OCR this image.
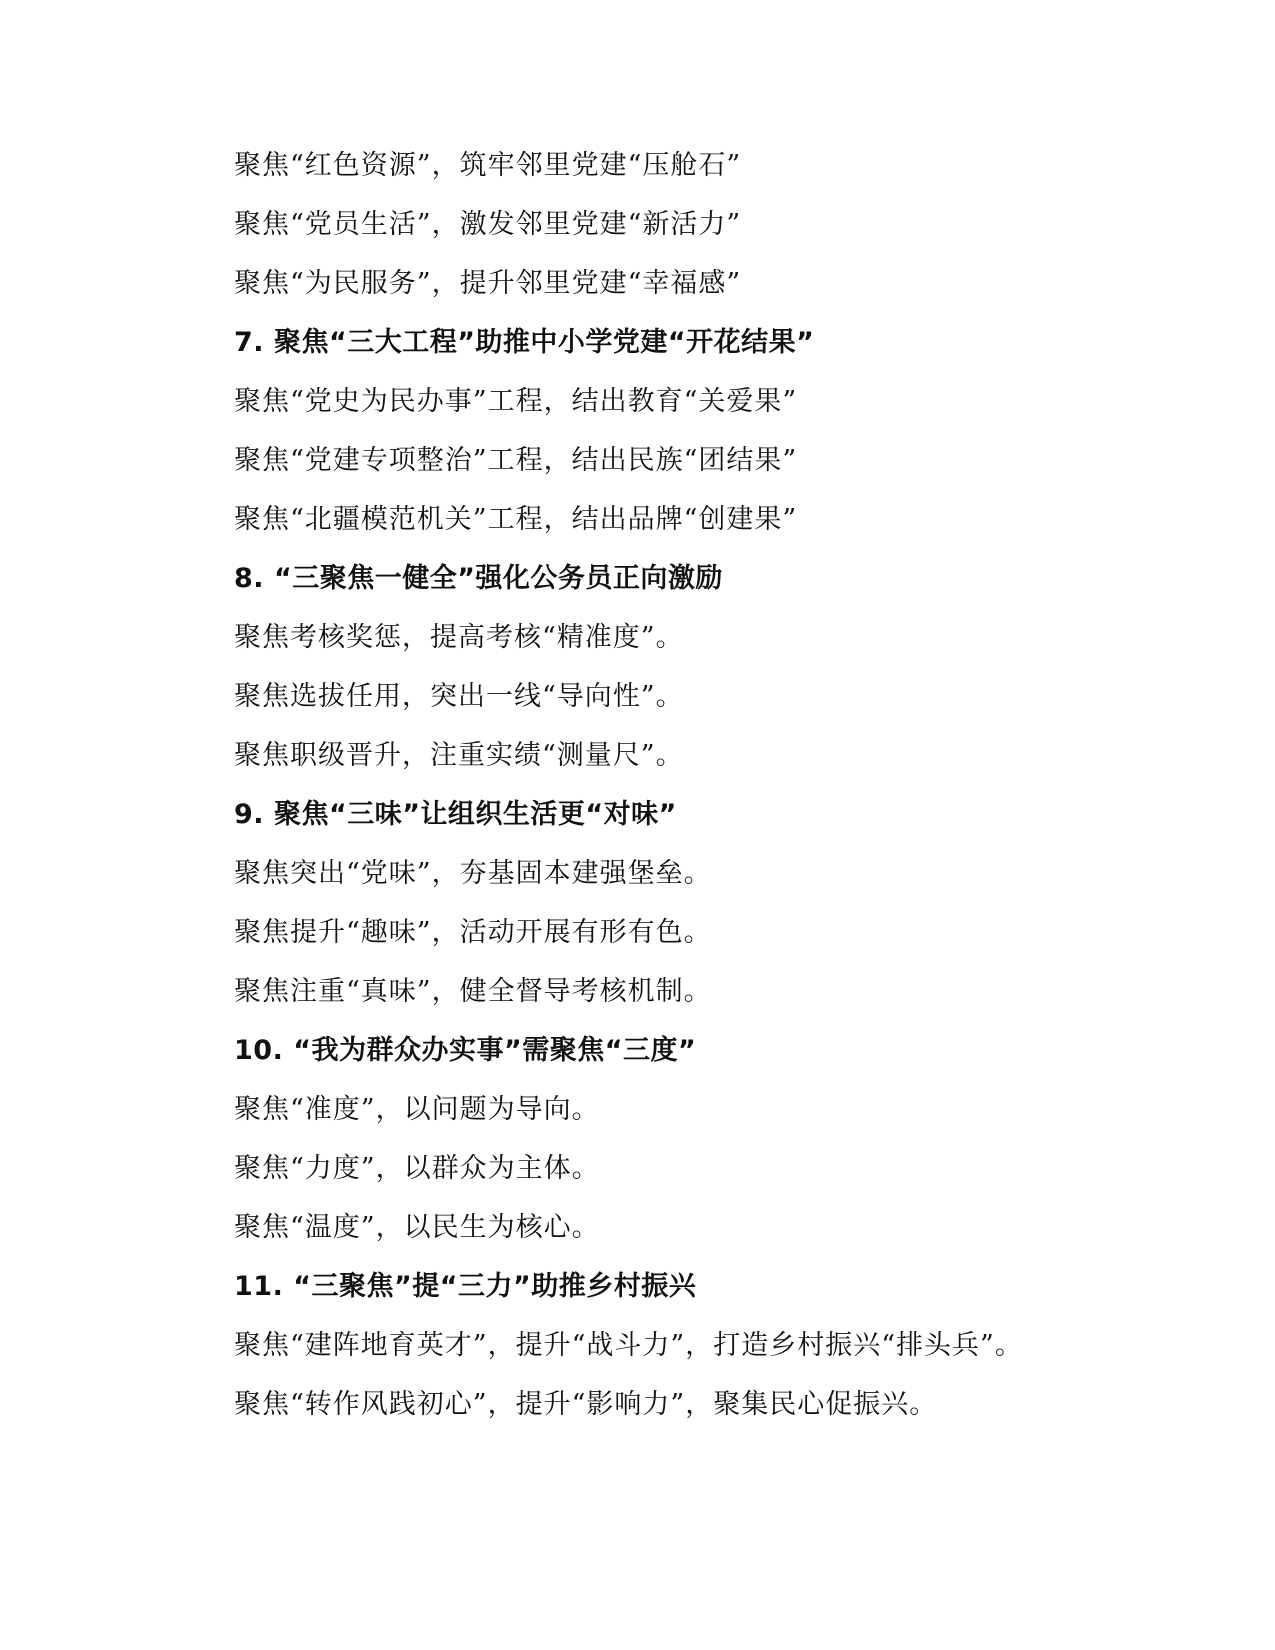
聚焦“红色资源”，筑牢邻里党建“压舱石”
聚焦“党员生活”，激发邻里党建“新活力”
聚焦“为民服务”，提升邻里党建“幸福感”
7. 聚焦“三大工程”助推中小学党建“开花结果”
聚焦“党史为民办事”工程，结出教育“关爱果”
聚焦“党建专项整治”工程，结出民族“团结果”
聚焦“北疆模范机关”工程，结出品牌“创建果”
8. “三聚焦一健全”强化公务员正向激励
聚焦考核奖惩，提高考核“精准度”。
聚焦选拔任用，突出一线“导向性”。
聚焦职级晋升，注重实绩“测量尺”。
9. 聚焦“三味”让组织生活更“对味”
聚焦突出“党味”，夯基固本建强堡垒。
聚焦提升“趣味”，活动开展有形有色。
聚焦注重“真味”，健全督导考核机制。
10. “我为群众办实事”需聚焦“三度”
聚焦“准度”，以问题为导向。
聚焦“力度”，以群众为主体。
聚焦“温度”，以民生为核心。
11. “三聚焦”提“三力”助推乡村振兴
聚焦“建阵地育英才”，提升“战斗力”，打造乡村振兴“排头兵”。
聚焦“转作风践初心”，提升“影响力”，聚集民心促振兴。
